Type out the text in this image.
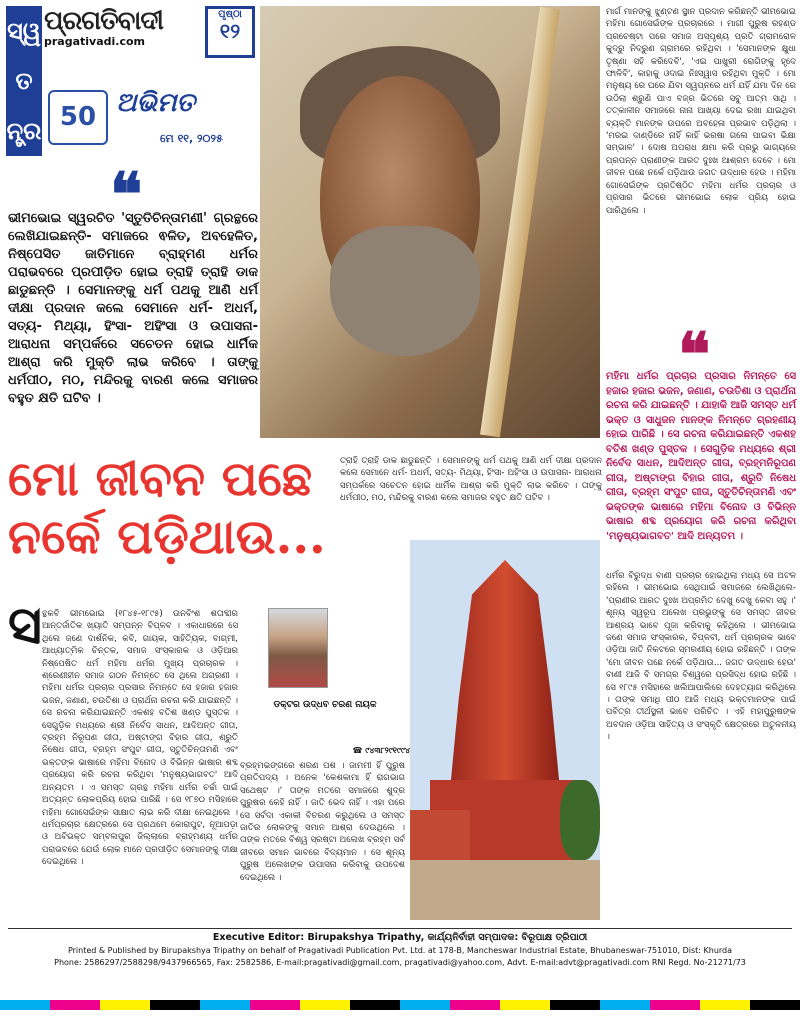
ସ୍ୱ
ତ
ନ୍ତ୍ର
ପ୍ରଗତିବାଦୀ
pragativadi.com
ପୃଷ୍ଠା
୧୨
50 ଅଭିମତ
ମେ ୧୧, ୨୦୨୫
❝
ଭୀମଭୋଇ ସ୍ୱରଚିତ 'ସ୍ତୁତିଚିନ୍ତାମଣୀ' ଗ୍ରନ୍ଥରେ ଲେଖିଯାଇଛନ୍ତି- ସମାଜରେ ଵଳିତ, ଅବହେଳିତ, ନିଷ୍ପେସିତ ଜାତିମାନେ ବ୍ରାହ୍ମଣ ଧର୍ମର ପରାଭବରେ ପ୍ରପୀଡ଼ିତ ହୋଇ ତ୍ରାହି ତ୍ରାହି ଡାକ ଛାଡୁଛନ୍ତି । ସେମାନଙ୍କୁ ଧର୍ମ ପଥକୁ ଆଣି ଧର୍ମ ଦୀକ୍ଷା ପ୍ରଦାନ କଲେ ସେମାନେ ଧର୍ମ- ଅଧର୍ମ, ସତ୍ୟ- ମିଥ୍ୟା, ହିଂସା- ଅହିଂସା ଓ ଉପାସନା- ଆରାଧନା ସମ୍ପର୍କରେ ସଚେତନ ହୋଇ ଧାର୍ମିକ ଆଶ୍ରା କରି ମୁକ୍ତି ଲାଭ କରିବେ । ତାଙ୍କୁ ଧର୍ମପୀଠ, ମଠ, ମନ୍ଦିରକୁ ବାରଣ କଲେ ସମାଜର ବହୁତ କ୍ଷତି ଘଟିବ ।
ମାର୍ଗ ମାନଙ୍କୁ ଝୁଣ୍ଟଣ ସ୍ଥାନ ପ୍ରଦାନ କରିଛନ୍ତି ଭୀମଭୋଇ ମହିମା ଗୋସେଇଁଙ୍କ ପ୍ରଚାରରେ । ମାଗୀ ପୁରୁଷ ରହଣ୍ଡ ପ୍ରଚେଷ୍ଟା ପରେ ସମାଜ ଅସ୍ପୃଶ୍ୟ ପ୍ରତି ଗ୍ରାମରୋଳ କୁଦ୍ରୁ ନିଦ୍ରୁଣ ଗ୍ରାମରେ ରହିଥିବା । 'ସେମାନଙ୍କ କ୍ଷୁଧା ତୃଷ୍ଣା ସହି କରିଦେବି', 'ଏଇ ପାଖୁରୀ ରୋଗିଙ୍କୁ ହୃଦେ ଫାଳିବି', କାହାକୁ ଓଦାଇ ନିଃସ୍ୱାସ ରହିଥିବା ମୁକ୍ତି । ମୋ ମନୁଷ୍ୟ ରେ ଘରେ ଯିବା ସ୍ୱପ୍ନରେ ଧର୍ମ ଯହିଁ ଯମା ଦିନ ରେ ଉଠିଲା ଶ୍ରୁଣି ପାଏ ବଜ୍ର ଭିତରେ ସବୁ ଆତ୍ମ ସାଥି । ତତ୍କାଳୀନ ସମାଜରେ ନାନା ଆଖ୍ୟା ଦେଇ ରଖା ଯାଇଥିବା ବ୍ୟକ୍ତି ମାନଙ୍କ ଉପରେ ଅବହେଳା ପ୍ରଭାବ ପଡ଼ିଥିଲା । 'ମରଇ ଦାଣ୍ଡିରେ ନାହିଁ କାହିଁ ଭରଷା ଗଲେ ପାଇବା ଭିକ୍ଷା ସମ୍ଭାଳ' । ଦୋଷ ଅପରାଧ କ୍ଷମା କରି ପ୍ରଭୁ ଭାଗ୍ୟରେ ପ୍ରପନ୍ନ ପ୍ରାଣୀଙ୍କ ଆରତ ଦୁଃଖ ଆଶ୍ରମ ଦେବେ । ମୋ ଜୀବନ ପଛେ ନର୍କେ ପଡ଼ିଥାଉ ଜଗତ ଉଦ୍ଧାର ହେଉ । ମହିମା ଗୋସେଇଁଙ୍କ ପ୍ରତିଷ୍ଠିତ ମହିମା ଧର୍ମର ପ୍ରଚାର ଓ ପ୍ରସାର ଭିତରେ ଭୀମଭୋଇ ଲୋକ ପ୍ରିୟ ହୋଇ ପାରିଥିଲେ ।
❝
ମହିମା ଧର୍ମର ପ୍ରଚାର ପ୍ରସାର ନିମନ୍ତେ ସେ ହଜାର ହଜାର ଭଜନ, ଜଣାଣ, ଚଉତିଶା ଓ ପ୍ରାର୍ଥନା ରଚନା କରି ଯାଇଛନ୍ତି । ଯାହାକି ଆଜି ସମସ୍ତ ଧର୍ମ ଭକ୍ତ ଓ ସାଧୁଜନ ମାନଙ୍କ ନିମନ୍ତେ ଗ୍ରହଣୀୟ ହୋଇ ପାରିଛି । ସେ ରଚନା କରିଯାଇଛନ୍ତି ଏକଶହ ବତିଶ ଖଣ୍ଡ ପୁସ୍ତକ । ସେଗୁଡ଼ିକ ମଧ୍ୟରେ ଶ୍ରୀ ନିର୍ବେଦ ସାଧନ, ଆଦିଅନ୍ତ ଗୀତା, ବ୍ରହ୍ମନିରୂପଣ ଗୀତା, ଅଷ୍ଟାଙ୍ଗ ବିହାର ଗୀତା, ଶ୍ରୁତି ନିଷେଧ ଗୀତା, ବ୍ରହ୍ମ ସଂପୁଟ ଗୀତା, ସ୍ତୁତିଚିନ୍ତାମଣି ଏବଂ ଭକ୍ତଙ୍କ ଭାଷାରେ ମହିମା ବିନୋଦ ଓ ବିଭିନ୍ନ ଭାଷାର ଶବ୍ଦ ପ୍ରୟୋଗ କରି ରଚନା କରିଥିବା 'ମନୁଷ୍ୟଭାଗବତ' ଆଦି ଅନ୍ୟତମ ।
ମୋ ଜୀବନ ପଛେ ନର୍କେ ପଡ଼ିଥାଉ...
ତ୍ରାହି ତ୍ରାହି ଡାକ ଛାଡୁଛନ୍ତି । ସେମାନଙ୍କୁ ଧର୍ମ ପଥକୁ ଆଣି ଧର୍ମ ଦୀକ୍ଷା ପ୍ରଦାନ କଲେ ସେମାନେ ଧର୍ମ- ଅଧର୍ମ, ସତ୍ୟ- ମିଥ୍ୟା, ହିଂସା- ଅହିଂସା ଓ ଉପାସନା- ଆରାଧନା ସମ୍ପର୍କରେ ସଚେତନ ହୋଇ ଧାର୍ମିକ ଆଶ୍ରା କରି ମୁକ୍ତି ଲାଭ କରିବେ । ତାଙ୍କୁ ଧର୍ମପୀଠ, ମଠ, ମନ୍ଦିରକୁ ବାରଣ କଲେ ସମାଜର ବହୁତ କ୍ଷତି ଘଟିବ ।
ଡକ୍ଟର ଉଦ୍ଧବ ଚରଣ ନାୟକ
☎ ୯୪୩୮୨୯୧୯୯୪
ସ ନ୍ଥକବି ଭୀମଭୋଇ (୧୮୪୫-୧୮୯୫) ଉନବିଂଶ ଶତାବ୍ଦୀର ଆନ୍ତର୍ଜାତିକ ଖ୍ୟାତି ସମ୍ପନ୍ନ ବିପ୍ଳବ । ଏକାଧାରରେ ସେ ଥିଲେ ଜଣେ ଦାର୍ଶନିକ, କବି, ଗାୟକ, ସାହିତ୍ୟିକ, ବାଗ୍ମୀ, ଆଧ୍ୟାତ୍ମିକ ଚିନ୍ତକ, ସମାଜ ସଂସ୍କାରକ ଓ ଓଡ଼ିଆର ନିଷ୍ପେଷିତ ଧର୍ମ ମହିମା ଧର୍ମର ମୁଖ୍ୟ ପ୍ରଚାରକ । ଶ୍ରେଣୀହୀନ ସମାଜ ଗଠନ ନିମନ୍ତେ ସେ ଥିଲେ ଅଗ୍ରଣୀ । ମହିମା ଧର୍ମର ପ୍ରଚାର ପ୍ରସାର ନିମନ୍ତେ ସେ ହଜାର ହଜାର ଭଜନ, ଜଣାଣ, ଚଉତିଶା ଓ ପ୍ରାର୍ଥନା ରଚନା କରି ଯାଇଛନ୍ତି । ସେ ରଚନା କରିଯାଇଛନ୍ତି ଏକଶହ ବତିଶ ଖଣ୍ଡ ପୁସ୍ତକ । ସେଗୁଡ଼ିକ ମଧ୍ୟରେ ଶ୍ରୀ ନିର୍ବେଦ ସାଧନ, ଆଦିଅନ୍ତ ଗୀତା, ବ୍ରହ୍ମ ନିରୂପଣ ଗୀତା, ଅଷ୍ଟାଙ୍ଗ ବିହାର ଗୀତା, ଶ୍ରୁତି ନିଷେଧ ଗୀତା, ବ୍ରହ୍ମ ସଂପୁଟ ଗୀତା, ସ୍ତୁତିଚିନ୍ତାମଣି ଏବଂ ଭକ୍ତଙ୍କ ଭାଷାରେ ମହିମା ବିନୋଦ ଓ ବିଭିନ୍ନ ଭାଷାର ଶବ୍ଦ ପ୍ରୟୋଗ କରି ରଚନା କରିଥିବା 'ମନୁଷ୍ୟଭାଗବତ' ଆଦି ଅନ୍ୟତମ । ଏ ସମସ୍ତ ଗ୍ରନ୍ଥ ମହିମା ଧର୍ମର ଚର୍ଚ୍ଚା ପାଇଁ ଅତ୍ୟନ୍ତ ଲୋକପ୍ରିୟ ହୋଇ ପାରିଛି । ସେ ୧୮୭୦ ମସିହାରେ ମହିମା ଗୋସେଇଁଙ୍କ ସାକ୍ଷାତ ଲାଭ କରି ଦୀକ୍ଷା ନେଇଥିଲେ । ଧର୍ମପ୍ରଚାର କ୍ଷେତ୍ରରେ ସେ ପ୍ରଥମେ କୋରାପୁଟ, ନୂଆପଡ଼ା ଓ ଅବିଭକ୍ତ ସମ୍ବଲପୁର ଜିଲ୍ଲାରେ ବ୍ରାହ୍ମଣ୍ୟ ଧର୍ମର ପରାଭବରେ ଯେଉଁ ଲୋକ ମାନେ ପ୍ରପୀଡ଼ିତ ସେମାନଙ୍କୁ ଦୀକ୍ଷା ଦେଇଥିଲେ ।
ବ୍ରହ୍ମଭଙ୍ଗରେ ଶରଣ ପଶ । ଜାମମୀ ହିଁ ପୁରୁଷ ପ୍ରତିପଦ୍ୟ । ଅନେକ 'କେଶକାମା ହିଁ ରାଗଭାଗ ସଥେଷ୍ଟ ।' ତାଙ୍କ ମତରେ ସମାଜରେ ଶୁଦ୍ର ପୁରୁଷର କେହି ନାହିଁ । ଜାତି ଭେଦ ନାହିଁ । ଏହା ପରେ ସେ ସର୍ବଦା ଏକାକୀ ବିଚରଣ କରୁଥିଲେ ଓ ସମସ୍ତ ଜାତିର ଲୋକଙ୍କୁ ସମାନ ଆଶ୍ରା ଦେଉଥିଲେ । ତାଙ୍କ ମତରେ ବିଶ୍ୱ ସ୍ରଷ୍ଟା ଅଲେଖ ବ୍ରହ୍ମ ସର୍ବ ଜୀବରେ ସମାନ ଭାବରେ ବିଦ୍ୟମାନ । ସେ ଶୂନ୍ୟ ପୁରୁଷ ଅଲେଖଙ୍କ ଉପାସନା କରିବାକୁ ଉପଦେଶ ଦେଇଥିଲେ ।
ଧର୍ମର ବିରୁଦ୍ଧ ବାଣୀ ପ୍ରଚାର ହୋଇଥିଲା ମଧ୍ୟ ସେ ଅଟଳ ରହିଲେ । ଭୀମଭୋଇ ସେଥିପାଇଁ ସମାଜରେ ଲେଖିଥିଲେ- 'ପ୍ରାଣୀର ଆରତ ଦୁଃଖ ଅପ୍ରମିତ ଦେଖୁ ଦେଖୁ କେବା ସହୁ ।' ଶୂନ୍ୟ ସ୍ୱରୂପ ଅଲେଖ ପ୍ରଭୁଙ୍କୁ ସେ ସମସ୍ତ ଜୀବର ଆଶ୍ରୟ ଭାବେ ପୂଜା କରିବାକୁ କହିଥିଲେ । ଭୀମଭୋଇ ଜଣେ ସମାଜ ସଂସ୍କାରକ, ବିପ୍ଳବୀ, ଧର୍ମ ପ୍ରଚାରକ ଭାବେ ଓଡ଼ିଆ ଜାତି ନିକଟରେ ସ୍ମରଣୀୟ ହୋଇ ରହିଛନ୍ତି । ତାଙ୍କ 'ମୋ ଜୀବନ ପଛେ ନର୍କେ ପଡ଼ିଥାଉ... ଜଗତ ଉଦ୍ଧାର ହେଉ' ବାଣୀ ଆଜି ବି ସମଗ୍ର ବିଶ୍ୱରେ ପ୍ରସିଦ୍ଧ ହୋଇ ରହିଛି । ସେ ୧୮୯୫ ମସିହାରେ ଖଲିଆପାଲିରେ ଦେହତ୍ୟାଗ କରିଥିଲେ । ତାଙ୍କ ସମାଧି ପୀଠ ଆଜି ମଧ୍ୟ ଭକ୍ତମାନଙ୍କ ପାଇଁ ପବିତ୍ର ତୀର୍ଥସ୍ଥଳୀ ଭାବେ ପରିଚିତ । ଏହି ମହାପୁରୁଷଙ୍କ ଅବଦାନ ଓଡ଼ିଆ ସାହିତ୍ୟ ଓ ସଂସ୍କୃତି କ୍ଷେତ୍ରରେ ଅତୁଳନୀୟ ।
Executive Editor: Birupakshya Tripathy, କାର୍ଯ୍ୟନିର୍ବାହୀ ସମ୍ପାଦକ: ବିରୂପାକ୍ଷ ତ୍ରିପାଠୀ
Printed & Published by Birupakshya Tripathy on behalf of Pragativadi Publication Pvt. Ltd. at 178-B, Mancheswar Industrial Estate, Bhubaneswar-751010, Dist: Khurda
Phone: 2586297/2588298/9437966565, Fax: 2582586, E-mail:pragativadi@gmail.com, pragativadi@yahoo.com, Advt. E-mail:advt@pragativadi.com RNI Regd. No-21271/73
